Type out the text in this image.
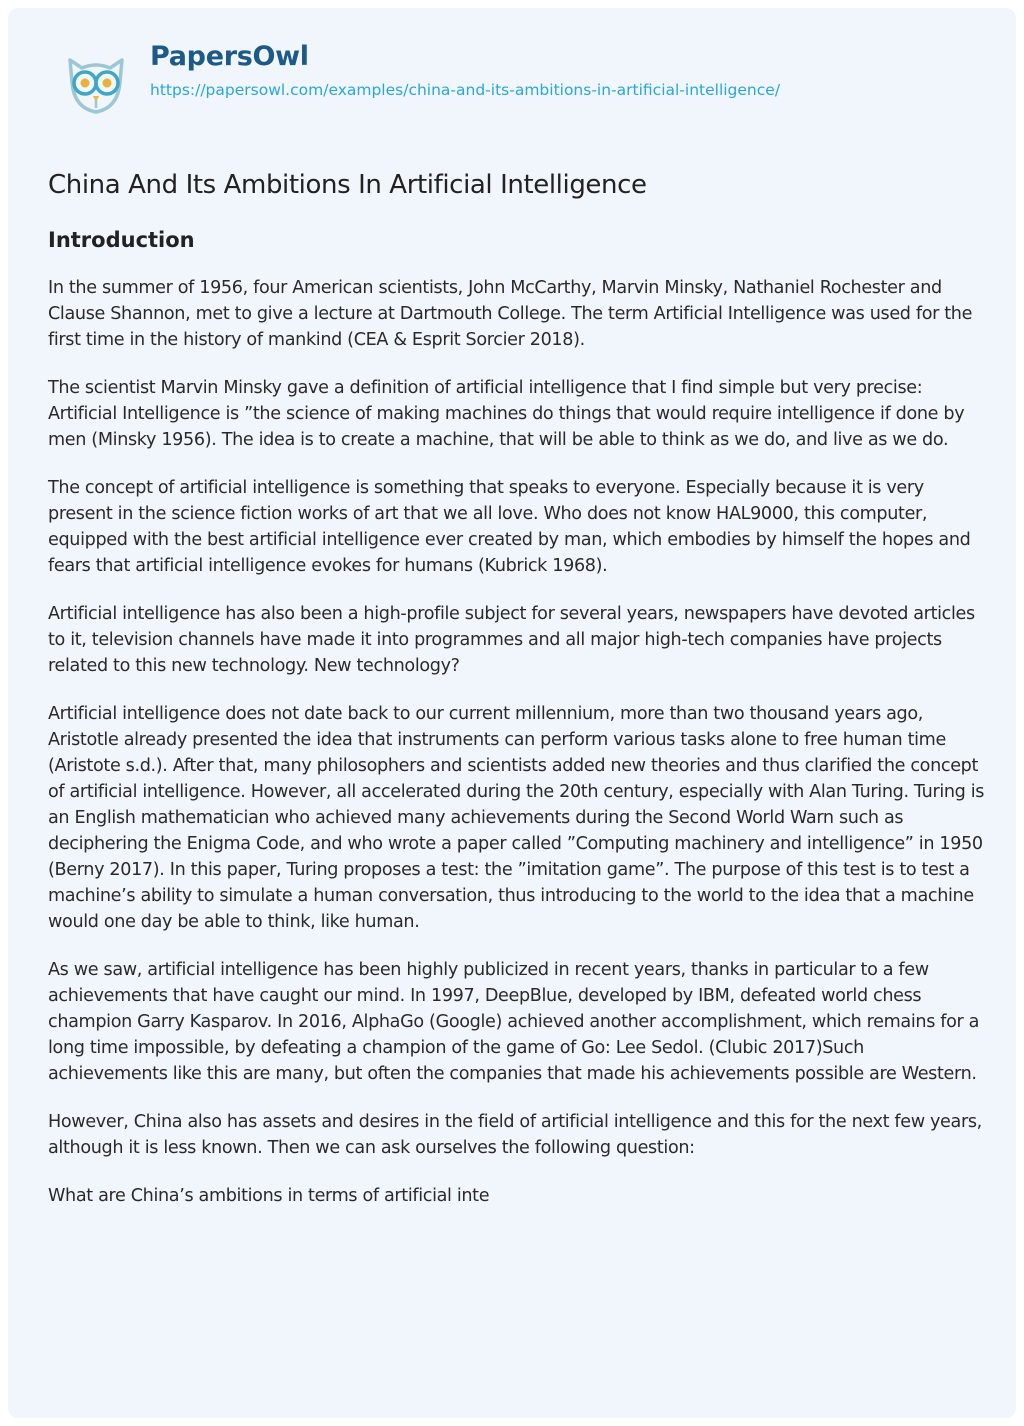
PapersOwl
https://papersowl.com/examples/china-and-its-ambitions-in-artificial-intelligence/
China And Its Ambitions In Artificial Intelligence
Introduction

In the summer of 1956, four American scientists, John McCarthy, Marvin Minsky, Nathaniel Rochester and Clause Shannon, met to give a lecture at Dartmouth College. The term Artificial Intelligence was used for the first time in the history of mankind (CEA & Esprit Sorcier 2018).

The scientist Marvin Minsky gave a definition of artificial intelligence that I find simple but very precise: Artificial Intelligence is ”the science of making machines do things that would require intelligence if done by men (Minsky 1956). The idea is to create a machine, that will be able to think as we do, and live as we do.

The concept of artificial intelligence is something that speaks to everyone. Especially because it is very present in the science fiction works of art that we all love. Who does not know HAL9000, this computer, equipped with the best artificial intelligence ever created by man, which embodies by himself the hopes and fears that artificial intelligence evokes for humans (Kubrick 1968).

Artificial intelligence has also been a high-profile subject for several years, newspapers have devoted articles to it, television channels have made it into programmes and all major high-tech companies have projects related to this new technology. New technology?

Artificial intelligence does not date back to our current millennium, more than two thousand years ago, Aristotle already presented the idea that instruments can perform various tasks alone to free human time (Aristote s.d.). After that, many philosophers and scientists added new theories and thus clarified the concept of artificial intelligence. However, all accelerated during the 20th century, especially with Alan Turing. Turing is an English mathematician who achieved many achievements during the Second World Warn such as deciphering the Enigma Code, and who wrote a paper called ”Computing machinery and intelligence” in 1950 (Berny 2017). In this paper, Turing proposes a test: the ”imitation game”. The purpose of this test is to test a machine’s ability to simulate a human conversation, thus introducing to the world to the idea that a machine would one day be able to think, like human.

As we saw, artificial intelligence has been highly publicized in recent years, thanks in particular to a few achievements that have caught our mind. In 1997, DeepBlue, developed by IBM, defeated world chess champion Garry Kasparov. In 2016, AlphaGo (Google) achieved another accomplishment, which remains for a long time impossible, by defeating a champion of the game of Go: Lee Sedol. (Clubic 2017)Such achievements like this are many, but often the companies that made his achievements possible are Western.

However, China also has assets and desires in the field of artificial intelligence and this for the next few years, although it is less known. Then we can ask ourselves the following question:

What are China’s ambitions in terms of artificial inte
